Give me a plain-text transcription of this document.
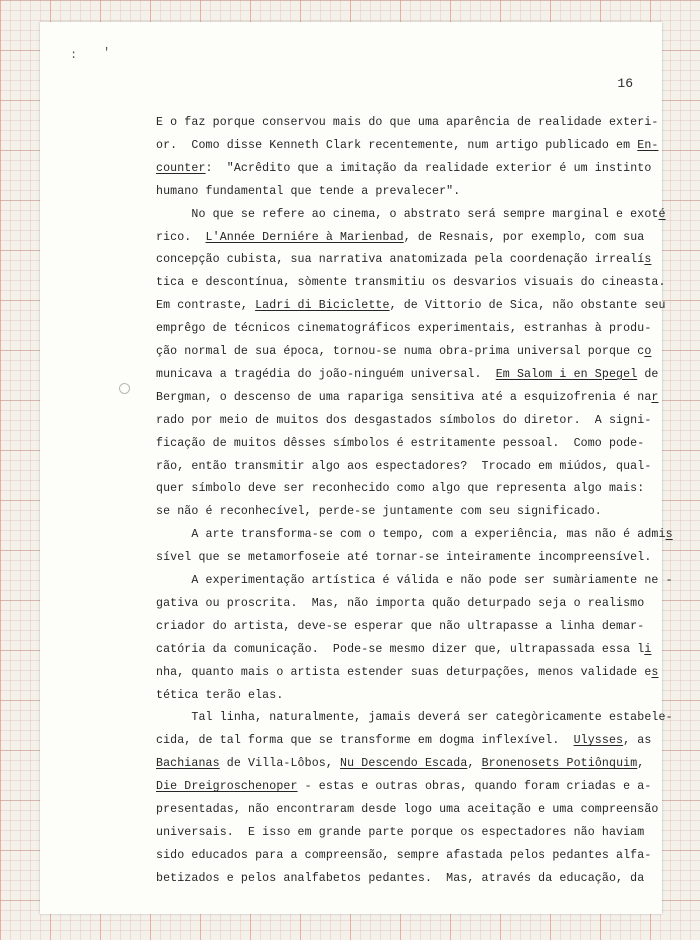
: '
16
E o faz porque conservou mais do que uma aparência de realidade exteri-
or.  Como disse Kenneth Clark recentemente, num artigo publicado em En-
counter:  "Acrêdito que a imitação da realidade exterior é um instinto
humano fundamental que tende a prevalecer".
No que se refere ao cinema, o abstrato será sempre marginal e exoté
rico.  L'Année Derniére à Marienbad, de Resnais, por exemplo, com sua
concepção cubista, sua narrativa anatomizada pela coordenação irrealís
tica e descontínua, sòmente transmitiu os desvarios visuais do cineasta.
Em contraste, Ladri di Biciclette, de Vittorio de Sica, não obstante seu
emprêgo de técnicos cinematográficos experimentais, estranhas à produ-
ção normal de sua época, tornou-se numa obra-prima universal porque co
municava a tragédia do joão-ninguém universal.  Em Salom i en Spegel de
Bergman, o descenso de uma rapariga sensitiva até a esquizofrenia é nar
rado por meio de muitos dos desgastados símbolos do diretor.  A signi-
ficação de muitos dêsses símbolos é estritamente pessoal.  Como pode-
rão, então transmitir algo aos espectadores?  Trocado em miúdos, qual-
quer símbolo deve ser reconhecido como algo que representa algo mais:
se não é reconhecível, perde-se juntamente com seu significado.
A arte transforma-se com o tempo, com a experiência, mas não é admis
sível que se metamorfoseie até tornar-se inteiramente incompreensível.
A experimentação artística é válida e não pode ser sumàriamente ne -
gativa ou proscrita.  Mas, não importa quão deturpado seja o realismo
criador do artista, deve-se esperar que não ultrapasse a linha demar-
catória da comunicação.  Pode-se mesmo dizer que, ultrapassada essa li
nha, quanto mais o artista estender suas deturpações, menos validade es
tética terão elas.
Tal linha, naturalmente, jamais deverá ser categòricamente estabele-
cida, de tal forma que se transforme em dogma inflexível.  Ulysses, as
Bachianas de Villa-Lôbos, Nu Descendo Escada, Bronenosets Potiônquim,
Die Dreigroschenoper - estas e outras obras, quando foram criadas e a-
presentadas, não encontraram desde logo uma aceitação e uma compreensão
universais.  E isso em grande parte porque os espectadores não haviam
sido educados para a compreensão, sempre afastada pelos pedantes alfa-
betizados e pelos analfabetos pedantes.  Mas, através da educação, da
